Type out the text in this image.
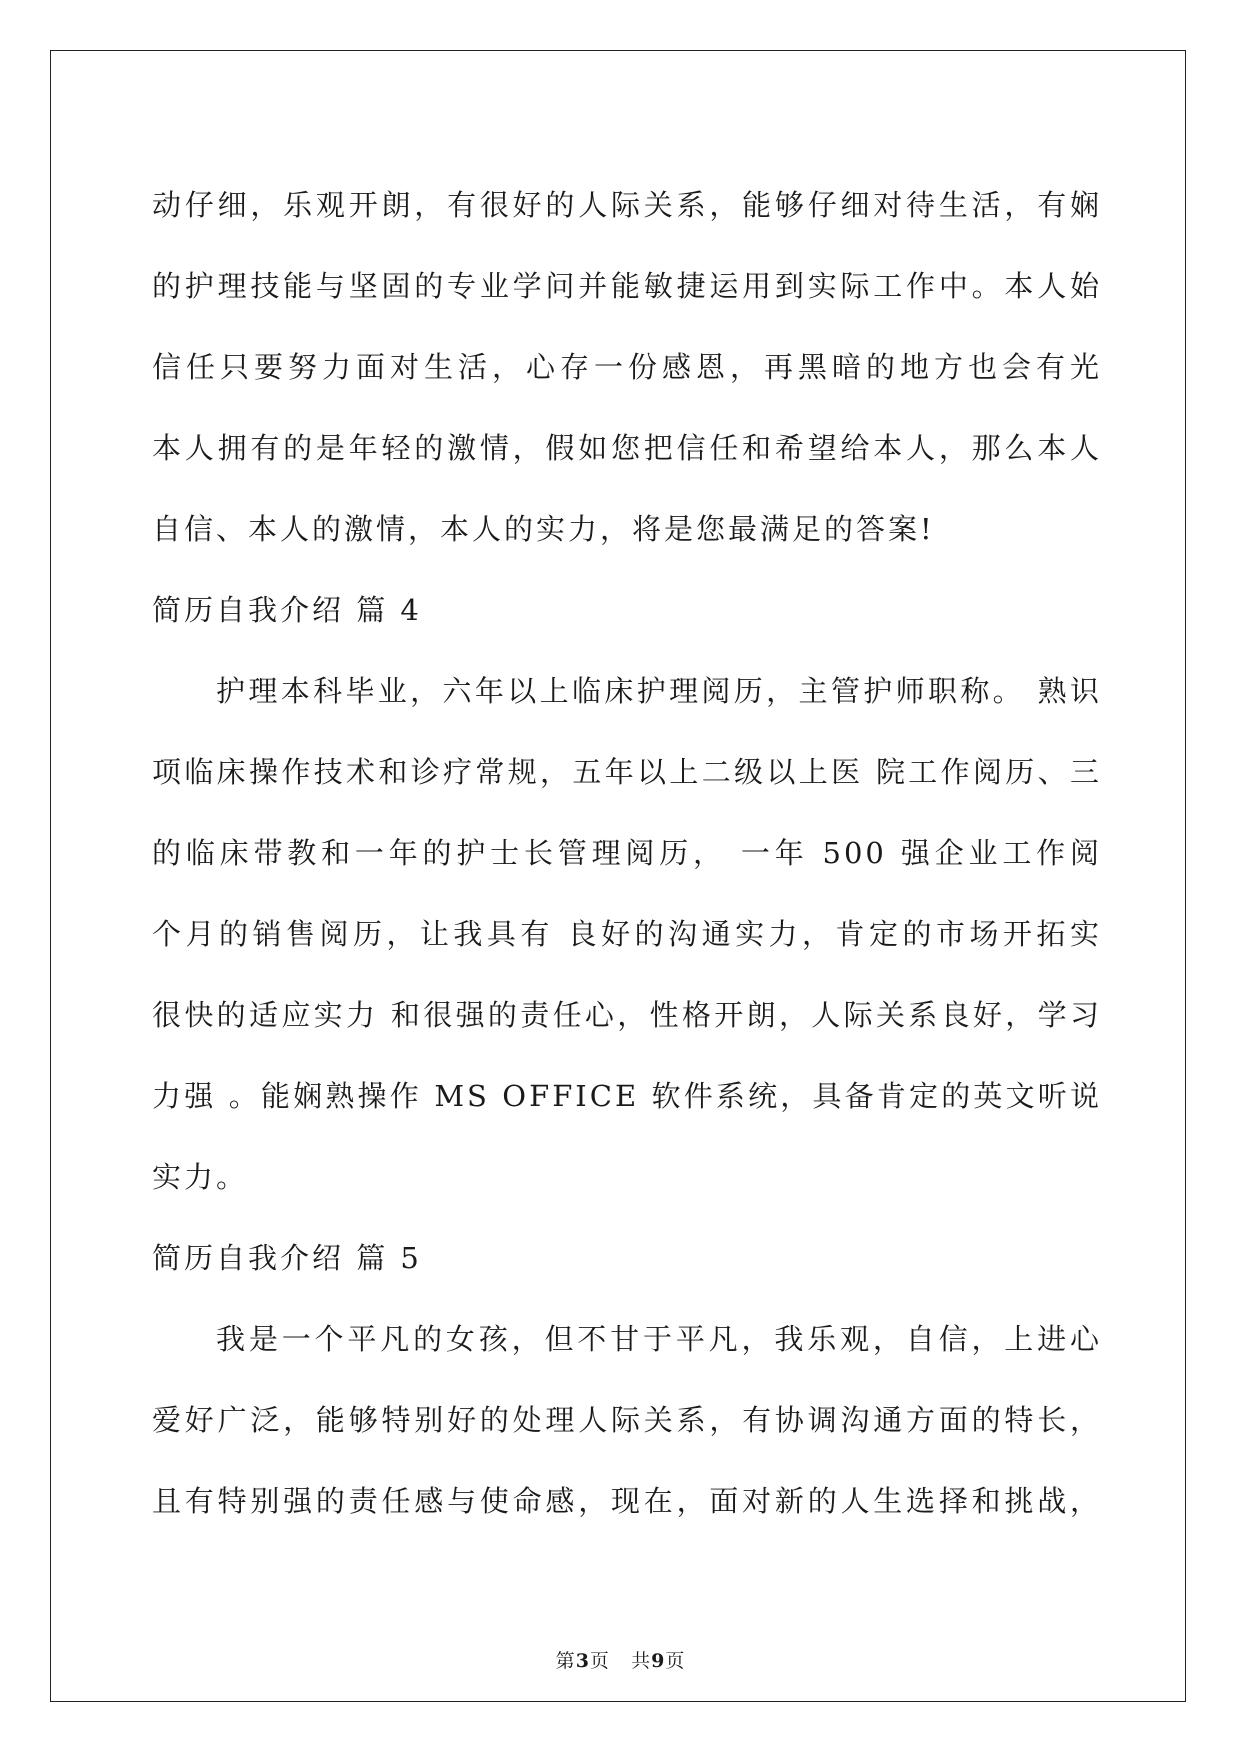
动仔细，乐观开朗，有很好的人际关系，能够仔细对待生活，有娴
的护理技能与坚固的专业学问并能敏捷运用到实际工作中。本人始
信任只要努力面对生活，心存一份感恩，再黑暗的地方也会有光
本人拥有的是年轻的激情，假如您把信任和希望给本人，那么本人
自信、本人的激情，本人的实力，将是您最满足的答案!
简历自我介绍 篇 4
护理本科毕业，六年以上临床护理阅历，主管护师职称。 熟识
项临床操作技术和诊疗常规，五年以上二级以上医 院工作阅历、三
的临床带教和一年的护士长管理阅历， 一年 500 强企业工作阅
个月的销售阅历，让我具有 良好的沟通实力，肯定的市场开拓实
很快的适应实力 和很强的责任心，性格开朗，人际关系良好，学习
力强 。能娴熟操作 MS OFFICE 软件系统，具备肯定的英文听说
实力。
简历自我介绍 篇 5
我是一个平凡的女孩，但不甘于平凡，我乐观，自信，上进心
爱好广泛，能够特别好的处理人际关系，有协调沟通方面的特长，
且有特别强的责任感与使命感，现在，面对新的人生选择和挑战，
第3页 共9页
